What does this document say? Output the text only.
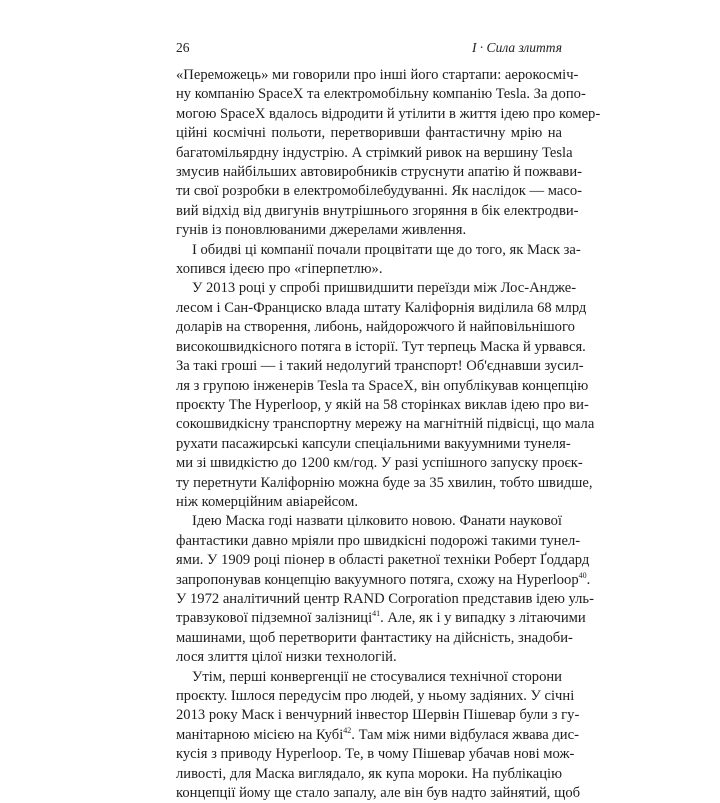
26	I · Сила злиття

«Переможець» ми говорили про інші його стартапи: аерокосміч-
ну компанію SpaceX та електромобільну компанію Tesla. За допо-
могою SpaceX вдалось відродити й утілити в життя ідею про комер-
ційні космічні польоти, перетворивши фантастичну мрію на
багатомільярдну індустрію. А стрімкий ривок на вершину Tesla
змусив найбільших автовиробників струснути апатію й пожвави-
ти свої розробки в електромобілебудуванні. Як наслідок — масо-
вий відхід від двигунів внутрішнього згоряння в бік електродви-
гунів із поновлюваними джерелами живлення.

І обидві ці компанії почали процвітати ще до того, як Маск за-
хопився ідеєю про «гіперпетлю».

У 2013 році у спробі пришвидшити переїзди між Лос-Андже-
лесом і Сан-Франциско влада штату Каліфорнія виділила 68 млрд
доларів на створення, либонь, найдорожчого й найповільнішого
високошвидкісного потяга в історії. Тут терпець Маска й урвався.
За такі гроші — і такий недолугий транспорт! Об'єднавши зусил-
ля з групою інженерів Tesla та SpaceX, він опублікував концепцію
проєкту The Hyperloop, у якій на 58 сторінках виклав ідею про ви-
сокошвидкісну транспортну мережу на магнітній підвісці, що мала
рухати пасажирські капсули спеціальними вакуумними тунеля-
ми зі швидкістю до 1200 км/год. У разі успішного запуску проєк-
ту перетнути Каліфорнію можна буде за 35 хвилин, тобто швидше,
ніж комерційним авіарейсом.

Ідею Маска годі назвати цілковито новою. Фанати наукової
фантастики давно мріяли про швидкісні подорожі такими тунел-
ями. У 1909 році піонер в області ракетної техніки Роберт Ґоддард
запропонував концепцію вакуумного потяга, схожу на Hyperloop$^{40}$.
У 1972 аналітичний центр RAND Corporation представив ідею уль-
травзукової підземної залізниці$^{41}$. Але, як і у випадку з літаючими
машинами, щоб перетворити фантастику на дійсність, знадоби-
лося злиття цілої низки технологій.

Утім, перші конвергенції не стосувалися технічної сторони
проєкту. Ішлося передусім про людей, у ньому задіяних. У січні
2013 року Маск і венчурний інвестор Шервін Пішевар були з гу-
манітарною місією на Кубі$^{42}$. Там між ними відбулася жвава дис-
кусія з приводу Hyperloop. Те, в чому Пішевар убачав нові мож-
ливості, для Маска виглядало, як купа мороки. На публікацію
концепції йому ще стало запалу, але він був надто зайнятий, щоб
